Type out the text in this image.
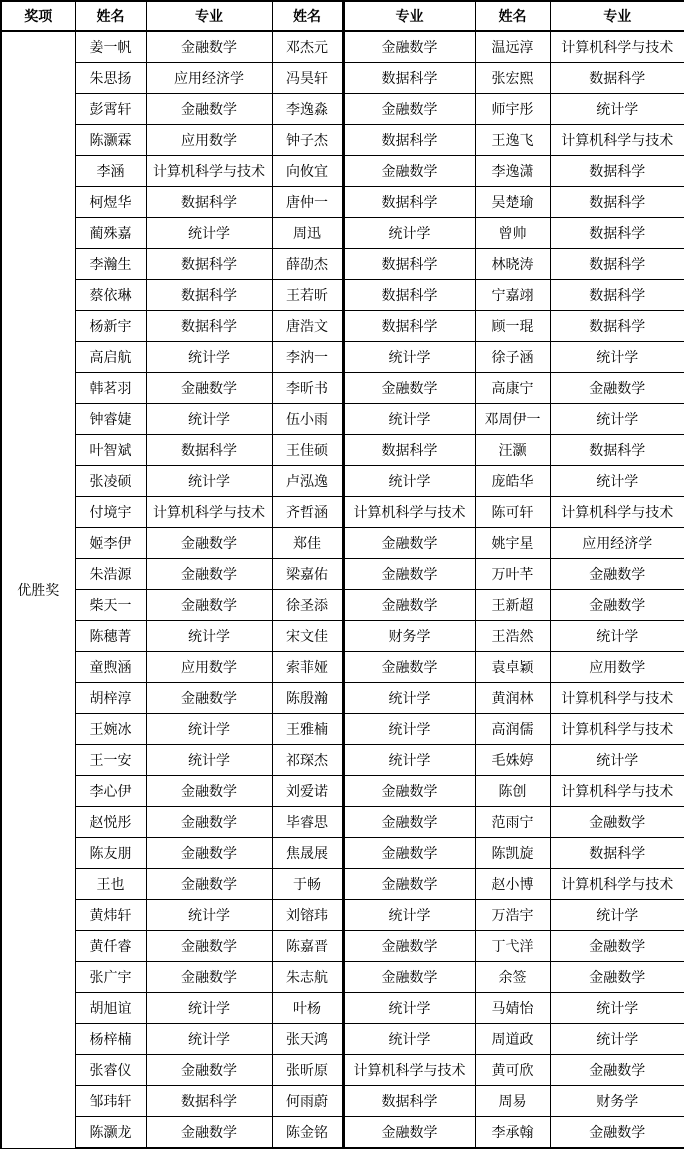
奖项	姓名	专业	姓名	专业	姓名	专业
优胜奖	姜一帆	金融数学	邓杰元	金融数学	温远淳	计算机科学与技术
	朱思扬	应用经济学	冯昊轩	数据科学	张宏熙	数据科学
	彭霄轩	金融数学	李逸淼	金融数学	师宇彤	统计学
	陈灏霖	应用数学	钟子杰	数据科学	王逸飞	计算机科学与技术
	李涵	计算机科学与技术	向攸宜	金融数学	李逸潇	数据科学
	柯煜华	数据科学	唐仲一	数据科学	吴楚瑜	数据科学
	蔺殊嘉	统计学	周迅	统计学	曾帅	数据科学
	李瀚生	数据科学	薛劭杰	数据科学	林晓涛	数据科学
	蔡依琳	数据科学	王若昕	数据科学	宁嘉翊	数据科学
	杨新宇	数据科学	唐浩文	数据科学	顾一琨	数据科学
	高启航	统计学	李汭一	统计学	徐子涵	统计学
	韩茗羽	金融数学	李昕书	金融数学	高康宁	金融数学
	钟睿婕	统计学	伍小雨	统计学	邓周伊一	统计学
	叶智斌	数据科学	王佳硕	数据科学	汪灏	数据科学
	张凌硕	统计学	卢泓逸	统计学	庞皓华	统计学
	付境宇	计算机科学与技术	齐哲涵	计算机科学与技术	陈可轩	计算机科学与技术
	姬李伊	金融数学	郑佳	金融数学	姚宇星	应用经济学
	朱浩源	金融数学	梁嘉佑	金融数学	万叶芊	金融数学
	柴天一	金融数学	徐圣添	金融数学	王新超	金融数学
	陈穗菁	统计学	宋文佳	财务学	王浩然	统计学
	童煦涵	应用数学	索菲娅	金融数学	袁卓颖	应用数学
	胡梓淳	金融数学	陈殷瀚	统计学	黄润林	计算机科学与技术
	王婉冰	统计学	王雅楠	统计学	高润儒	计算机科学与技术
	王一安	统计学	祁琛杰	统计学	毛姝婷	统计学
	李心伊	金融数学	刘爱诺	金融数学	陈创	计算机科学与技术
	赵悦彤	金融数学	毕睿思	金融数学	范雨宁	金融数学
	陈友朋	金融数学	焦晟展	金融数学	陈凯旋	数据科学
	王也	金融数学	于畅	金融数学	赵小博	计算机科学与技术
	黄炜轩	统计学	刘镕玮	统计学	万浩宇	统计学
	黄仟睿	金融数学	陈嘉晋	金融数学	丁弋洋	金融数学
	张广宇	金融数学	朱志航	金融数学	余签	金融数学
	胡旭谊	统计学	叶杨	统计学	马婧怡	统计学
	杨梓楠	统计学	张天鸿	统计学	周道政	统计学
	张睿仪	金融数学	张昕原	计算机科学与技术	黄可欣	金融数学
	邹玮轩	数据科学	何雨蔚	数据科学	周易	财务学
	陈灏龙	金融数学	陈金铭	金融数学	李承翰	金融数学
